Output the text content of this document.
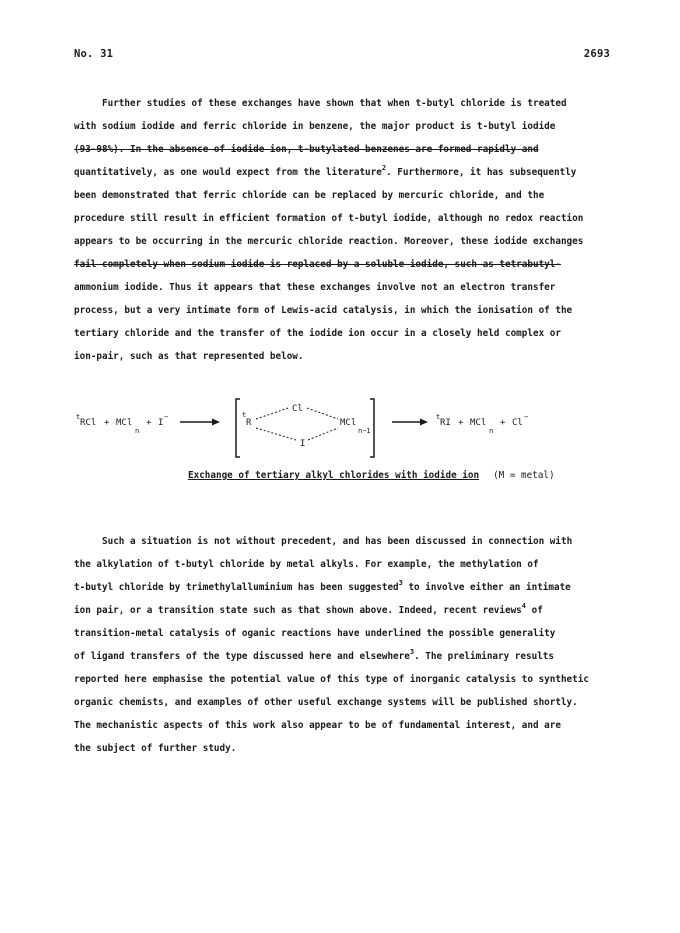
No. 31	2693
Further studies of these exchanges have shown that when t-butyl chloride is treated
with sodium iodide and ferric chloride in benzene, the major product is t-butyl iodide
(93-98%). In the absence of iodide ion, t-butylated benzenes are formed rapidly and
quantitatively, as one would expect from the literature$^2$. Furthermore, it has subsequently
been demonstrated that ferric chloride can be replaced by mercuric chloride, and the
procedure still result in efficient formation of t-butyl iodide, although no redox reaction
appears to be occurring in the mercuric chloride reaction. Moreover, these iodide exchanges
fail completely when sodium iodide is replaced by a soluble iodide, such as tetrabutyl-
ammonium iodide. Thus it appears that these exchanges involve not an electron transfer
process, but a very intimate form of Lewis-acid catalysis, in which the ionisation of the
tertiary chloride and the transfer of the iodide ion occur in a closely held complex or
ion-pair, such as that represented below.
t
RCl + MCl
n
+ I
−	t
R
Cl
I
MCl
n−1
t
RI + MCl
n
+ Cl
−
Exchange of tertiary alkyl chlorides with iodide ion (M = metal)
Such a situation is not without precedent, and has been discussed in connection with
the alkylation of t-butyl chloride by metal alkyls. For example, the methylation of
t-butyl chloride by trimethylalluminium has been suggested$^3$ to involve either an intimate
ion pair, or a transition state such as that shown above. Indeed, recent reviews$^4$ of
transition-metal catalysis of oganic reactions have underlined the possible generality
of ligand transfers of the type discussed here and elsewhere$^3$. The preliminary results
reported here emphasise the potential value of this type of inorganic catalysis to synthetic
organic chemists, and examples of other useful exchange systems will be published shortly.
The mechanistic aspects of this work also appear to be of fundamental interest, and are
the subject of further study.
